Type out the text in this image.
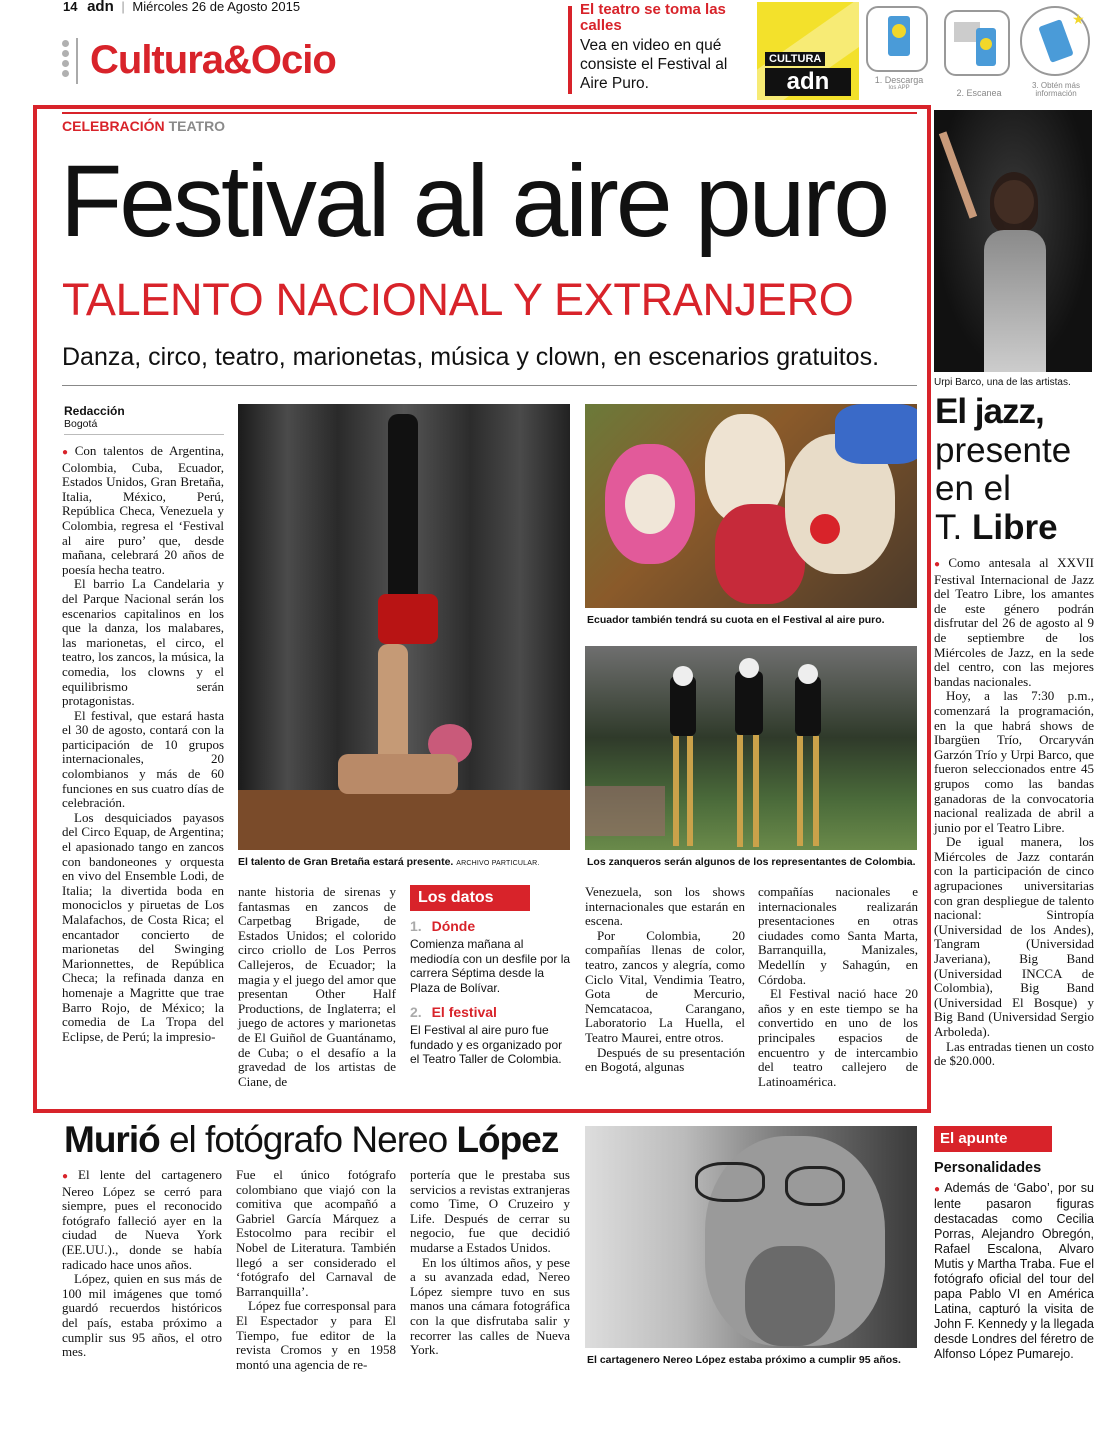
14 adn | Miércoles 26 de Agosto 2015
Cultura&Ocio
El teatro se toma las calles
Vea en video en qué consiste el Festival al Aire Puro.
CULTURA
adn	1. Descarga
Ios APP	2. Escanea
★
3. Obtén más información
CELEBRACIÓN TEATRO
Festival al aire puro
TALENTO NACIONAL Y EXTRANJERO
Danza, circo, teatro, marionetas, música y clown, en escenarios gratuitos.
Redacción
Bogotá

● Con talentos de Argentina, Colombia, Cuba, Ecuador, Estados Unidos, Gran Bretaña, Italia, México, Perú, República Checa, Venezuela y Colombia, regresa el ‘Festival al aire puro’ que, desde mañana, celebrará 20 años de poesía hecha teatro.

El barrio La Candelaria y del Parque Nacional serán los escenarios capitalinos en los que la danza, los malabares, las marionetas, el circo, el teatro, los zancos, la música, la comedia, los clowns y el equilibrismo serán protagonistas.

El festival, que estará hasta el 30 de agosto, contará con la participación de 10 grupos internacionales, 20 colombianos y más de 60 funciones en sus cuatro días de celebración.

Los desquiciados payasos del Circo Equap, de Argentina; el apasionado tango en zancos con bandoneones y orquesta en vivo del Ensemble Lodi, de Italia; la divertida boda en monociclos y piruetas de Los Malafachos, de Costa Rica; el encantador concierto de marionetas del Swinging Marionnettes, de República Checa; la refinada danza en homenaje a Magritte que trae Barro Rojo, de México; la comedia de La Tropa del Eclipse, de Perú; la impresio-

El talento de Gran Bretaña estará presente. ARCHIVO PARTICULAR.
Ecuador también tendrá su cuota en el Festival al aire puro.
Los zanqueros serán algunos de los representantes de Colombia.

nante historia de sirenas y fantasmas en zancos de Carpetbag Brigade, de Estados Unidos; el colorido circo criollo de Los Perros Callejeros, de Ecuador; la magia y el juego del amor que presentan Other Half Productions, de Inglaterra; el juego de actores y marionetas de El Guiñol de Guantánamo, de Cuba; o el desafío a la gravedad de los artistas de Ciane, de

Los datos
1. Dónde
Comienza mañana al mediodía con un desfile por la carrera Séptima desde la Plaza de Bolívar.
2. El festival
El Festival al aire puro fue fundado y es organizado por el Teatro Taller de Colombia.

Venezuela, son los shows internacionales que estarán en escena.

Por Colombia, 20 compañías llenas de color, teatro, zancos y alegría, como Ciclo Vital, Vendimia Teatro, Gota de Mercurio, Nemcatacoa, Carangano, Laboratorio La Huella, el Teatro Maurei, entre otros.

Después de su presentación en Bogotá, algunas

compañías nacionales e internacionales realizarán presentaciones en otras ciudades como Santa Marta, Barranquilla, Manizales, Medellín y Sahagún, en Córdoba.

El Festival nació hace 20 años y en este tiempo se ha convertido en uno de los principales espacios de encuentro y de intercambio del teatro callejero de Latinoamérica.

Urpi Barco, una de las artistas.
El jazz,
presente
en el
T. Libre

● Como antesala al XXVII Festival Internacional de Jazz del Teatro Libre, los amantes de este género podrán disfrutar del 26 de agosto al 9 de septiembre de los Miércoles de Jazz, en la sede del centro, con las mejores bandas nacionales.

Hoy, a las 7:30 p.m., comenzará la programación, en la que habrá shows de Ibargüen Trío, Orcaryván Garzón Trío y Urpi Barco, que fueron seleccionados entre 45 grupos como las bandas ganadoras de la convocatoria nacional realizada de abril a junio por el Teatro Libre.

De igual manera, los Miércoles de Jazz contarán con la participación de cinco agrupaciones universitarias con gran despliegue de talento nacional: Sintropía (Universidad de los Andes), Tangram (Universidad Javeriana), Big Band (Universidad INCCA de Colombia), Big Band (Universidad El Bosque) y Big Band (Universidad Sergio Arboleda).

Las entradas tienen un costo de $20.000.

Murió el fotógrafo Nereo López

● El lente del cartagenero Nereo López se cerró para siempre, pues el reconocido fotógrafo falleció ayer en la ciudad de Nueva York (EE.UU.)., donde se había radicado hace unos años.

López, quien en sus más de 100 mil imágenes que tomó guardó recuerdos históricos del país, estaba próximo a cumplir sus 95 años, el otro mes.

Fue el único fotógrafo colombiano que viajó con la comitiva que acompañó a Gabriel García Márquez a Estocolmo para recibir el Nobel de Literatura. También llegó a ser considerado el ‘fotógrafo del Carnaval de Barranquilla’.

López fue corresponsal para El Espectador y para El Tiempo, fue editor de la revista Cromos y en 1958 montó una agencia de re-

portería que le prestaba sus servicios a revistas extranjeras como Time, O Cruzeiro y Life. Después de cerrar su negocio, fue que decidió mudarse a Estados Unidos.

En los últimos años, y pese a su avanzada edad, Nereo López siempre tuvo en sus manos una cámara fotográfica con la que disfrutaba salir y recorrer las calles de Nueva York.

El cartagenero Nereo López estaba próximo a cumplir 95 años.
El apunte
Personalidades
● Además de ‘Gabo’, por su lente pasaron figuras destacadas como Cecilia Porras, Alejandro Obregón, Rafael Escalona, Alvaro Mutis y Martha Traba. Fue el fotógrafo oficial del tour del papa Pablo VI en América Latina, capturó la visita de John F. Kennedy y la llegada desde Londres del féretro de Alfonso López Pumarejo.
